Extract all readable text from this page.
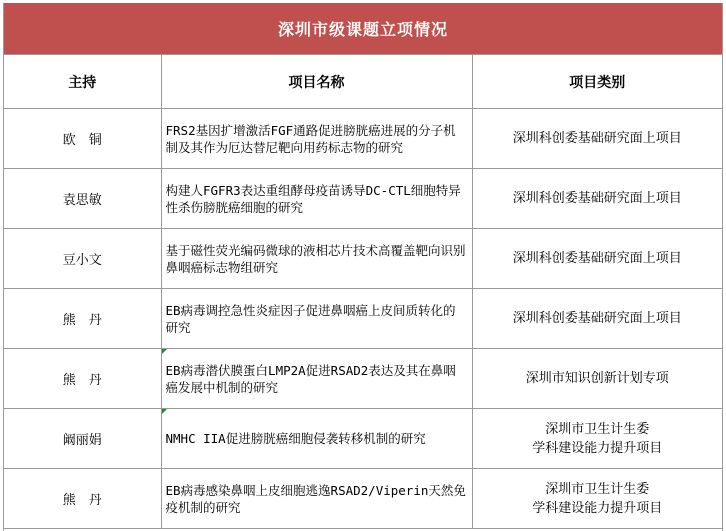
深圳市级课题立项情况
主持	项目名称	项目类别
欧　铜	FRS2基因扩增激活FGF通路促进膀胱癌进展的分子机制及其作为厄达替尼靶向用药标志物的研究	深圳科创委基础研究面上项目
袁思敏	构建人FGFR3表达重组酵母疫苗诱导DC-CTL细胞特异性杀伤膀胱癌细胞的研究	深圳科创委基础研究面上项目
豆小文	基于磁性荧光编码微球的液相芯片技术高覆盖靶向识别鼻咽癌标志物组研究	深圳科创委基础研究面上项目
熊　丹	EB病毒调控急性炎症因子促进鼻咽癌上皮间质转化的研究	深圳科创委基础研究面上项目
熊　丹	EB病毒潜伏膜蛋白LMP2A促进RSAD2表达及其在鼻咽癌发展中机制的研究	深圳市知识创新计划专项
阚丽娟	NMHC IIA促进膀胱癌细胞侵袭转移机制的研究	深圳市卫生计生委
学科建设能力提升项目
熊　丹	EB病毒感染鼻咽上皮细胞逃逸RSAD2/Viperin天然免疫机制的研究	深圳市卫生计生委
学科建设能力提升项目
